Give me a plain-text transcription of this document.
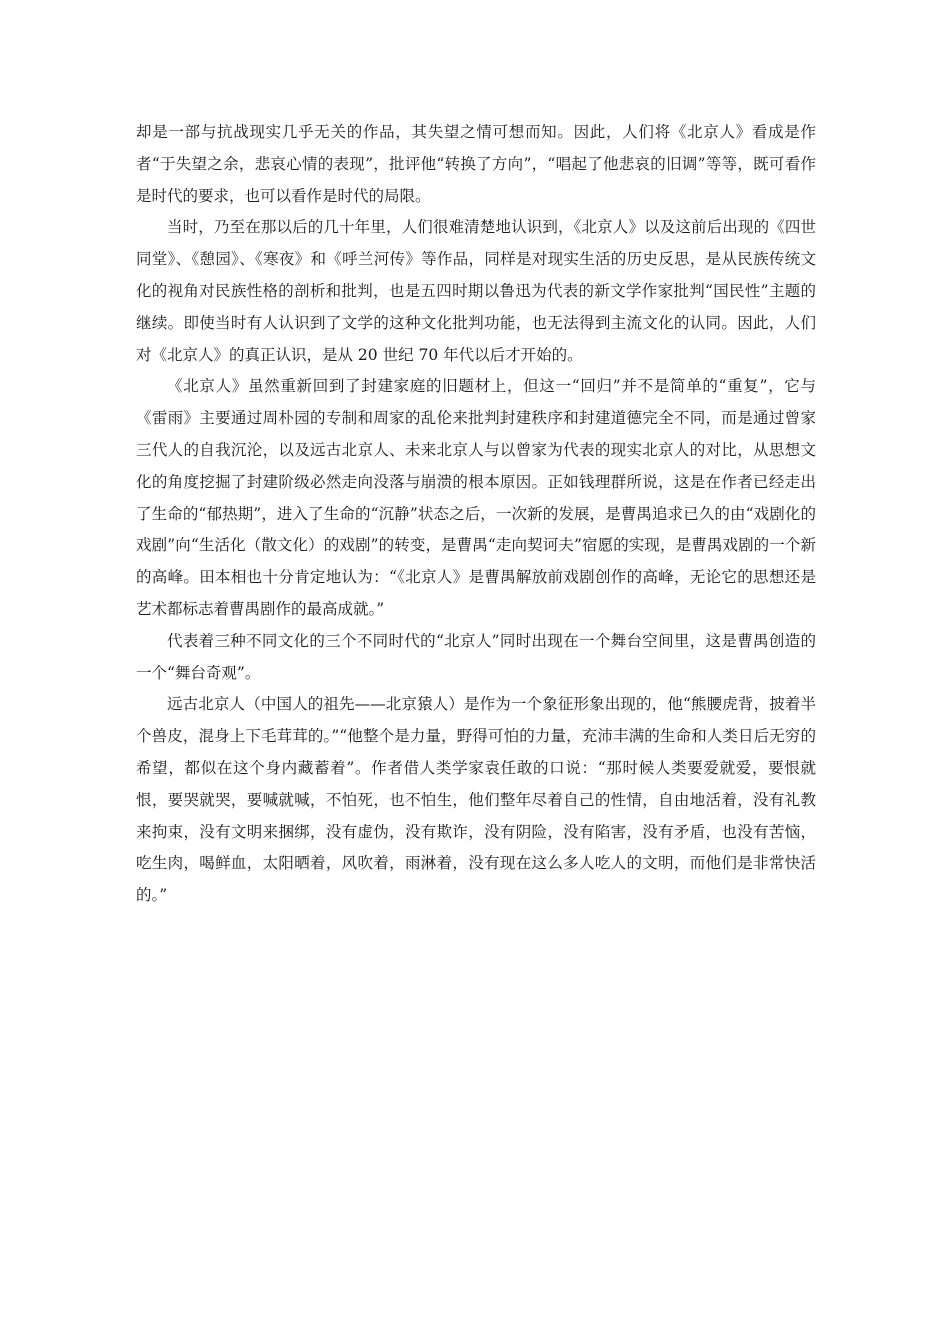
却是一部与抗战现实几乎无关的作品，其失望之情可想而知。因此，人们将《北京人》看成是作者“于失望之余，悲哀心情的表现”，批评他“转换了方向”，“唱起了他悲哀的旧调”等等，既可看作是时代的要求，也可以看作是时代的局限。

当时，乃至在那以后的几十年里，人们很难清楚地认识到，《北京人》以及这前后出现的《四世同堂》、《憩园》、《寒夜》和《呼兰河传》等作品，同样是对现实生活的历史反思，是从民族传统文化的视角对民族性格的剖析和批判，也是五四时期以鲁迅为代表的新文学作家批判“国民性”主题的继续。即使当时有人认识到了文学的这种文化批判功能，也无法得到主流文化的认同。因此，人们对《北京人》的真正认识，是从 20 世纪 70 年代以后才开始的。

《北京人》虽然重新回到了封建家庭的旧题材上，但这一“回归”并不是简单的“重复”，它与《雷雨》主要通过周朴园的专制和周家的乱伦来批判封建秩序和封建道德完全不同，而是通过曾家三代人的自我沉沦，以及远古北京人、未来北京人与以曾家为代表的现实北京人的对比，从思想文化的角度挖掘了封建阶级必然走向没落与崩溃的根本原因。正如钱理群所说，这是在作者已经走出了生命的“郁热期”，进入了生命的“沉静”状态之后，一次新的发展，是曹禺追求已久的由“戏剧化的戏剧”向“生活化（散文化）的戏剧”的转变，是曹禺“走向契诃夫”宿愿的实现，是曹禺戏剧的一个新的高峰。田本相也十分肯定地认为：“《北京人》是曹禺解放前戏剧创作的高峰，无论它的思想还是艺术都标志着曹禺剧作的最高成就。”

代表着三种不同文化的三个不同时代的“北京人”同时出现在一个舞台空间里，这是曹禺创造的一个“舞台奇观”。

远古北京人（中国人的祖先——北京猿人）是作为一个象征形象出现的，他“熊腰虎背，披着半个兽皮，混身上下毛茸茸的。”“他整个是力量，野得可怕的力量，充沛丰满的生命和人类日后无穷的希望，都似在这个身内藏蓄着”。作者借人类学家袁任敢的口说：“那时候人类要爱就爱，要恨就恨，要哭就哭，要喊就喊，不怕死，也不怕生，他们整年尽着自己的性情，自由地活着，没有礼教来拘束，没有文明来捆绑，没有虚伪，没有欺诈，没有阴险，没有陷害，没有矛盾，也没有苦恼，吃生肉，喝鲜血，太阳晒着，风吹着，雨淋着，没有现在这么多人吃人的文明，而他们是非常快活的。”
